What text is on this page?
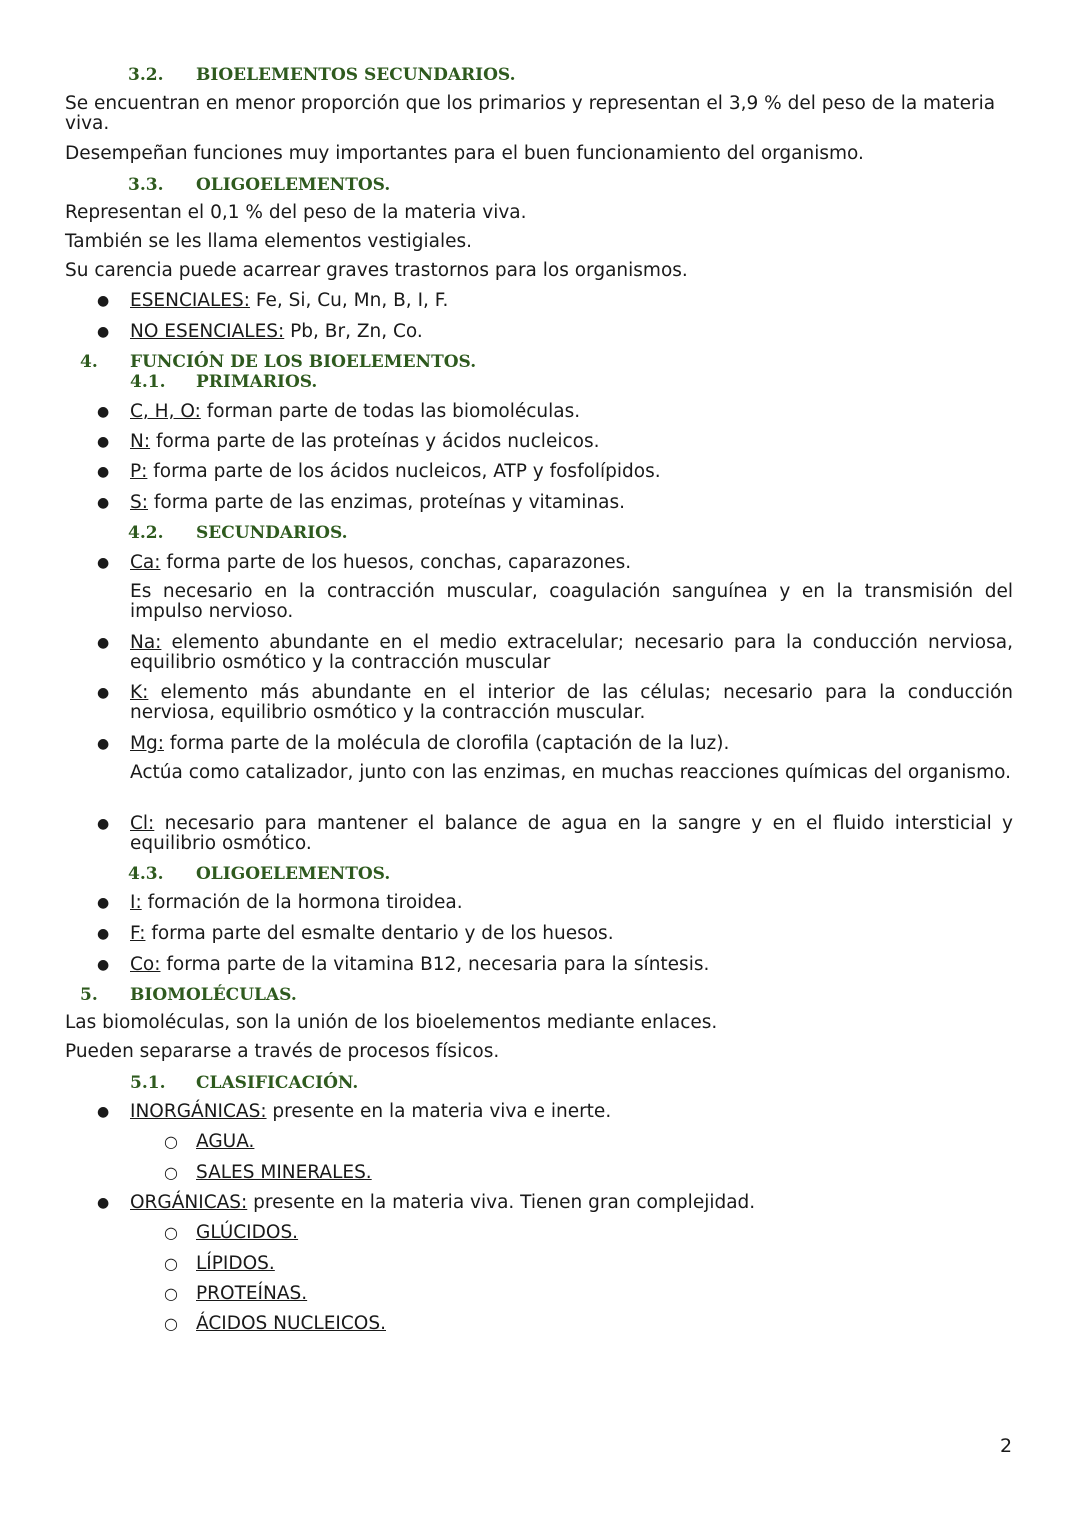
3.2. BIOELEMENTOS SECUNDARIOS.
Se encuentran en menor proporción que los primarios y representan el 3,9 % del peso de la materia viva.
Desempeñan funciones muy importantes para el buen funcionamiento del organismo.
3.3. OLIGOELEMENTOS.
Representan el 0,1 % del peso de la materia viva.
También se les llama elementos vestigiales.
Su carencia puede acarrear graves trastornos para los organismos.
● ESENCIALES: Fe, Si, Cu, Mn, B, I, F.
● NO ESENCIALES: Pb, Br, Zn, Co.
4. FUNCIÓN DE LOS BIOELEMENTOS.
4.1. PRIMARIOS.
● C, H, O: forman parte de todas las biomoléculas.
● N: forma parte de las proteínas y ácidos nucleicos.
● P: forma parte de los ácidos nucleicos, ATP y fosfolípidos.
● S: forma parte de las enzimas, proteínas y vitaminas.
4.2. SECUNDARIOS.
● Ca: forma parte de los huesos, conchas, caparazones.
Es necesario en la contracción muscular, coagulación sanguínea y en la transmisión del impulso nervioso.
● Na: elemento abundante en el medio extracelular; necesario para la conducción nerviosa, equilibrio osmótico y la contracción muscular
● K: elemento más abundante en el interior de las células; necesario para la conducción nerviosa, equilibrio osmótico y la contracción muscular.
● Mg: forma parte de la molécula de clorofila (captación de la luz).
Actúa como catalizador, junto con las enzimas, en muchas reacciones químicas del organismo.
● Cl: necesario para mantener el balance de agua en la sangre y en el fluido intersticial y equilibrio osmótico.
4.3. OLIGOELEMENTOS.
● I: formación de la hormona tiroidea.
● F: forma parte del esmalte dentario y de los huesos.
● Co: forma parte de la vitamina B12, necesaria para la síntesis.
5. BIOMOLÉCULAS.
Las biomoléculas, son la unión de los bioelementos mediante enlaces.
Pueden separarse a través de procesos físicos.
5.1. CLASIFICACIÓN.
● INORGÁNICAS: presente en la materia viva e inerte.
○ AGUA.
○ SALES MINERALES.
● ORGÁNICAS: presente en la materia viva. Tienen gran complejidad.
○ GLÚCIDOS.
○ LÍPIDOS.
○ PROTEÍNAS.
○ ÁCIDOS NUCLEICOS.
2
